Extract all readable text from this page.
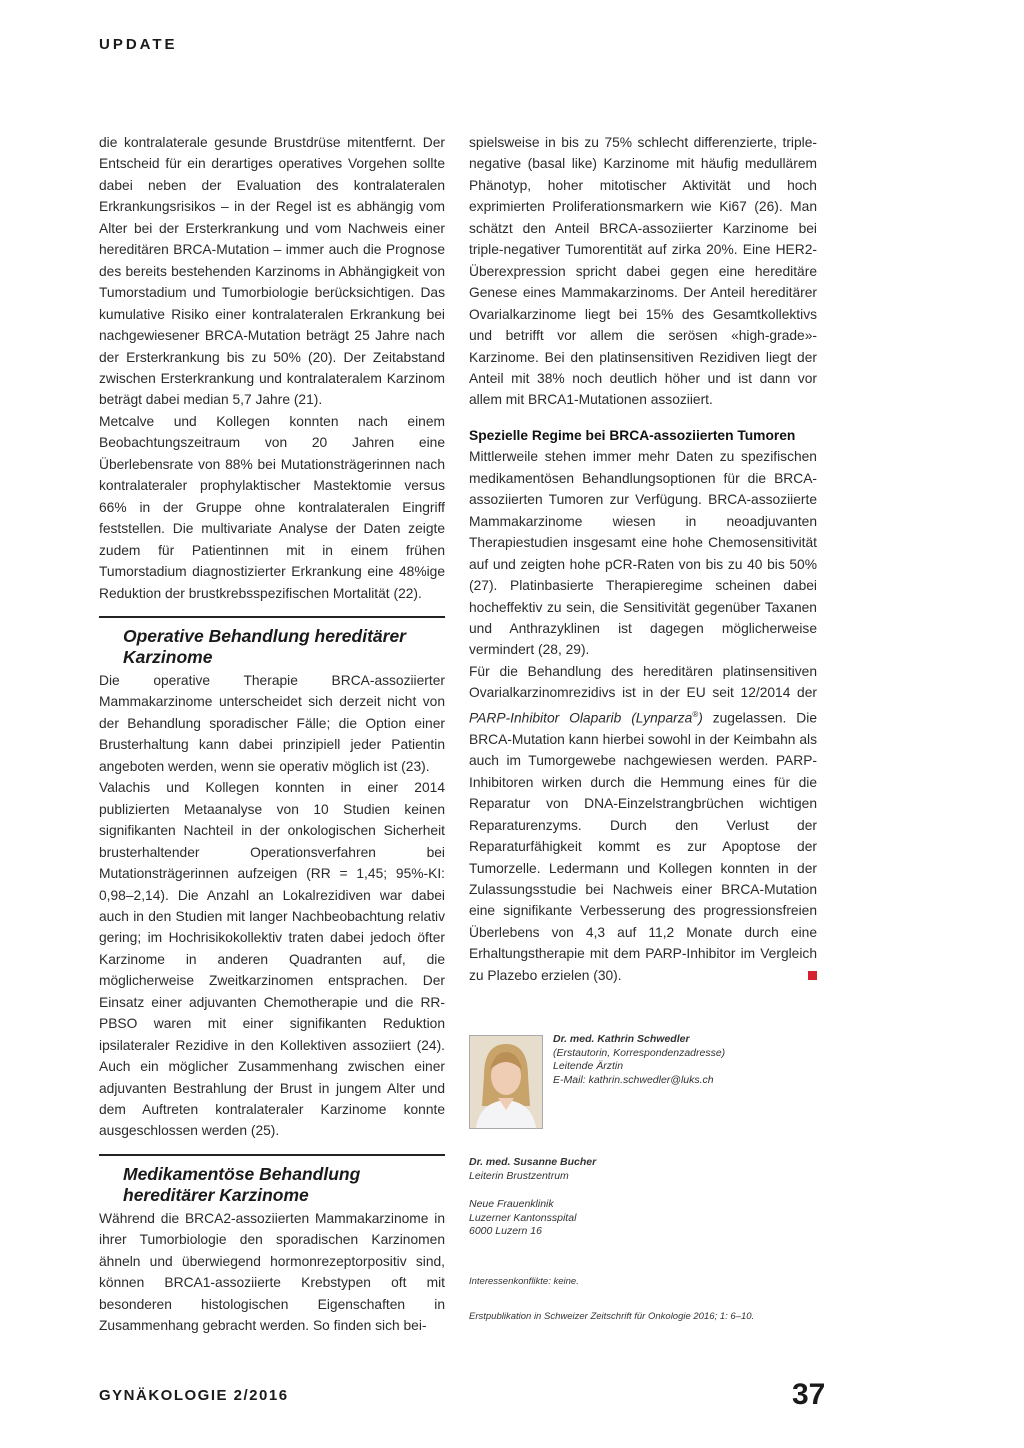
UPDATE

die kontralaterale gesunde Brustdrüse mitentfernt. Der Entscheid für ein derartiges operatives Vorgehen sollte dabei neben der Evaluation des kontralateralen Erkrankungsrisikos – in der Regel ist es abhängig vom Alter bei der Ersterkrankung und vom Nachweis einer hereditären BRCA-Mutation – immer auch die Prognose des bereits bestehenden Karzinoms in Abhängigkeit von Tumorstadium und Tumorbiologie berücksichtigen. Das kumulative Risiko einer kontralateralen Erkrankung bei nachgewiesener BRCA-Mutation beträgt 25 Jahre nach der Ersterkrankung bis zu 50% (20). Der Zeitabstand zwischen Ersterkrankung und kontralateralem Karzinom beträgt dabei median 5,7 Jahre (21).

Metcalve und Kollegen konnten nach einem Beobachtungszeitraum von 20 Jahren eine Überlebensrate von 88% bei Mutationsträgerinnen nach kontralateraler prophylaktischer Mastektomie versus 66% in der Gruppe ohne kontralateralen Eingriff feststellen. Die multivariate Analyse der Daten zeigte zudem für Patientinnen mit in einem frühen Tumorstadium diagnostizierter Erkrankung eine 48%ige Reduktion der brustkrebsspezifischen Mortalität (22).

Operative Behandlung hereditärer Karzinome

Die operative Therapie BRCA-assoziierter Mammakarzinome unterscheidet sich derzeit nicht von der Behandlung sporadischer Fälle; die Option einer Brusterhaltung kann dabei prinzipiell jeder Patientin angeboten werden, wenn sie operativ möglich ist (23).

Valachis und Kollegen konnten in einer 2014 publizierten Metaanalyse von 10 Studien keinen signifikanten Nachteil in der onkologischen Sicherheit brusterhaltender Operationsverfahren bei Mutationsträgerinnen aufzeigen (RR = 1,45; 95%-KI: 0,98–2,14). Die Anzahl an Lokalrezidiven war dabei auch in den Studien mit langer Nachbeobachtung relativ gering; im Hochrisikokollektiv traten dabei jedoch öfter Karzinome in anderen Quadranten auf, die möglicherweise Zweitkarzinomen entsprachen. Der Einsatz einer adjuvanten Chemotherapie und die RR-PBSO waren mit einer signifikanten Reduktion ipsilateraler Rezidive in den Kollektiven assoziiert (24). Auch ein möglicher Zusammenhang zwischen einer adjuvanten Bestrahlung der Brust in jungem Alter und dem Auftreten kontralateraler Karzinome konnte ausgeschlossen werden (25).

Medikamentöse Behandlung hereditärer Karzinome

Während die BRCA2-assoziierten Mammakarzinome in ihrer Tumorbiologie den sporadischen Karzinomen ähneln und überwiegend hormonrezeptorpositiv sind, können BRCA1-assoziierte Krebstypen oft mit besonderen histologischen Eigenschaften in Zusammenhang gebracht werden. So finden sich bei-

spielsweise in bis zu 75% schlecht differenzierte, triple-negative (basal like) Karzinome mit häufig medullärem Phänotyp, hoher mitotischer Aktivität und hoch exprimierten Proliferationsmarkern wie Ki67 (26). Man schätzt den Anteil BRCA-assoziierter Karzinome bei triple-negativer Tumorentität auf zirka 20%. Eine HER2-Überexpression spricht dabei gegen eine hereditäre Genese eines Mammakarzinoms. Der Anteil hereditärer Ovarialkarzinome liegt bei 15% des Gesamtkollektivs und betrifft vor allem die serösen «high-grade»-Karzinome. Bei den platinsensitiven Rezidiven liegt der Anteil mit 38% noch deutlich höher und ist dann vor allem mit BRCA1-Mutationen assoziiert.

Spezielle Regime bei BRCA-assoziierten Tumoren

Mittlerweile stehen immer mehr Daten zu spezifischen medikamentösen Behandlungsoptionen für die BRCA-assoziierten Tumoren zur Verfügung. BRCA-assoziierte Mammakarzinome wiesen in neoadjuvanten Therapiestudien insgesamt eine hohe Chemosensitivität auf und zeigten hohe pCR-Raten von bis zu 40 bis 50% (27). Platinbasierte Therapieregime scheinen dabei hocheffektiv zu sein, die Sensitivität gegenüber Taxanen und Anthrazyklinen ist dagegen möglicherweise vermindert (28, 29).

Für die Behandlung des hereditären platinsensitiven Ovarialkarzinomrezidivs ist in der EU seit 12/2014 der PARP-Inhibitor Olaparib (Lynparza®) zugelassen. Die BRCA-Mutation kann hierbei sowohl in der Keimbahn als auch im Tumorgewebe nachgewiesen werden. PARP-Inhibitoren wirken durch die Hemmung eines für die Reparatur von DNA-Einzelstrangbrüchen wichtigen Reparaturenzyms. Durch den Verlust der Reparaturfähigkeit kommt es zur Apoptose der Tumorzelle. Ledermann und Kollegen konnten in der Zulassungsstudie bei Nachweis einer BRCA-Mutation eine signifikante Verbesserung des progressionsfreien Überlebens von 4,3 auf 11,2 Monate durch eine Erhaltungstherapie mit dem PARP-Inhibitor im Vergleich zu Plazebo erzielen (30).

Dr. med. Kathrin Schwedler
(Erstautorin, Korrespondenzadresse)
Leitende Ärztin
E-Mail: kathrin.schwedler@luks.ch
Dr. med. Susanne Bucher
Leiterin Brustzentrum
Neue Frauenklinik
Luzerner Kantonsspital
6000 Luzern 16
Interessenkonflikte: keine.
Erstpublikation in Schweizer Zeitschrift für Onkologie 2016; 1: 6–10.
GYNÄKOLOGIE 2/2016	37
